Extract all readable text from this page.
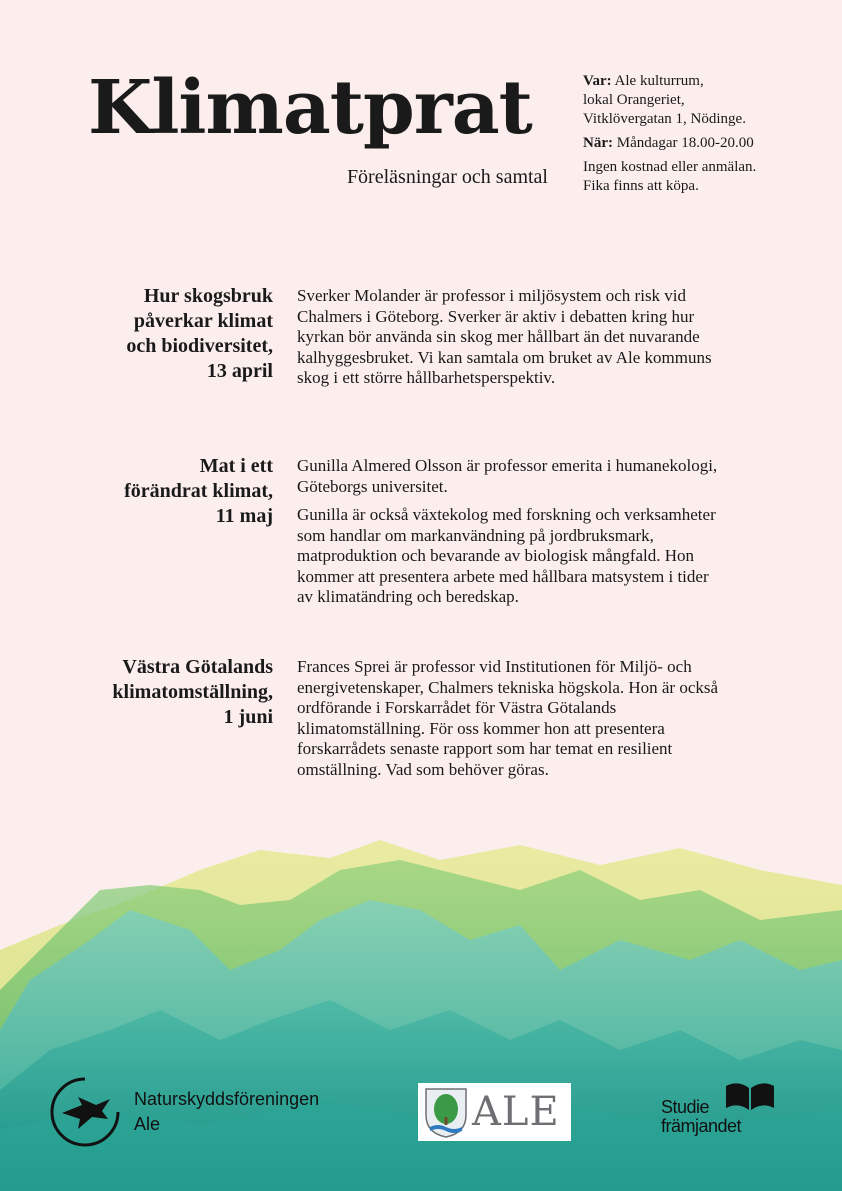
Klimatprat

Föreläsningar och samtal

Var: Ale kulturrum,
lokal Orangeriet,
Vitklövergatan 1, Nödinge.

När: Måndagar 18.00-20.00

Ingen kostnad eller anmälan.
Fika finns att köpa.

Hur skogsbruk
påverkar klimat
och biodiversitet,
13 april

Sverker Molander är professor i miljösystem och risk vid Chalmers i Göteborg. Sverker är aktiv i debatten kring hur kyrkan bör använda sin skog mer hållbart än det nuvarande kalhyggesbruket. Vi kan samtala om bruket av Ale kommuns skog i ett större hållbarhetsperspektiv.

Mat i ett
förändrat klimat,
11 maj

Gunilla Almered Olsson är professor emerita i humanekologi, Göteborgs universitet.

Gunilla är också växtekolog med forskning och verksamheter som handlar om markanvändning på jordbruksmark, matproduktion och bevarande av biologisk mångfald. Hon kommer att presentera arbete med hållbara matsystem i tider av klimatändring och beredskap.

Västra Götalands
klimatomställning,
1 juni

Frances Sprei är professor vid Institutionen för Miljö- och energivetenskaper, Chalmers tekniska högskola. Hon är också ordförande i Forskarrådet för Västra Götalands klimatomställning. För oss kommer hon att presentera forskarrådets senaste rapport som har temat en resilient omställning. Vad som behöver göras.

Naturskyddsföreningen
Ale	ALE	Studie
främjandet
